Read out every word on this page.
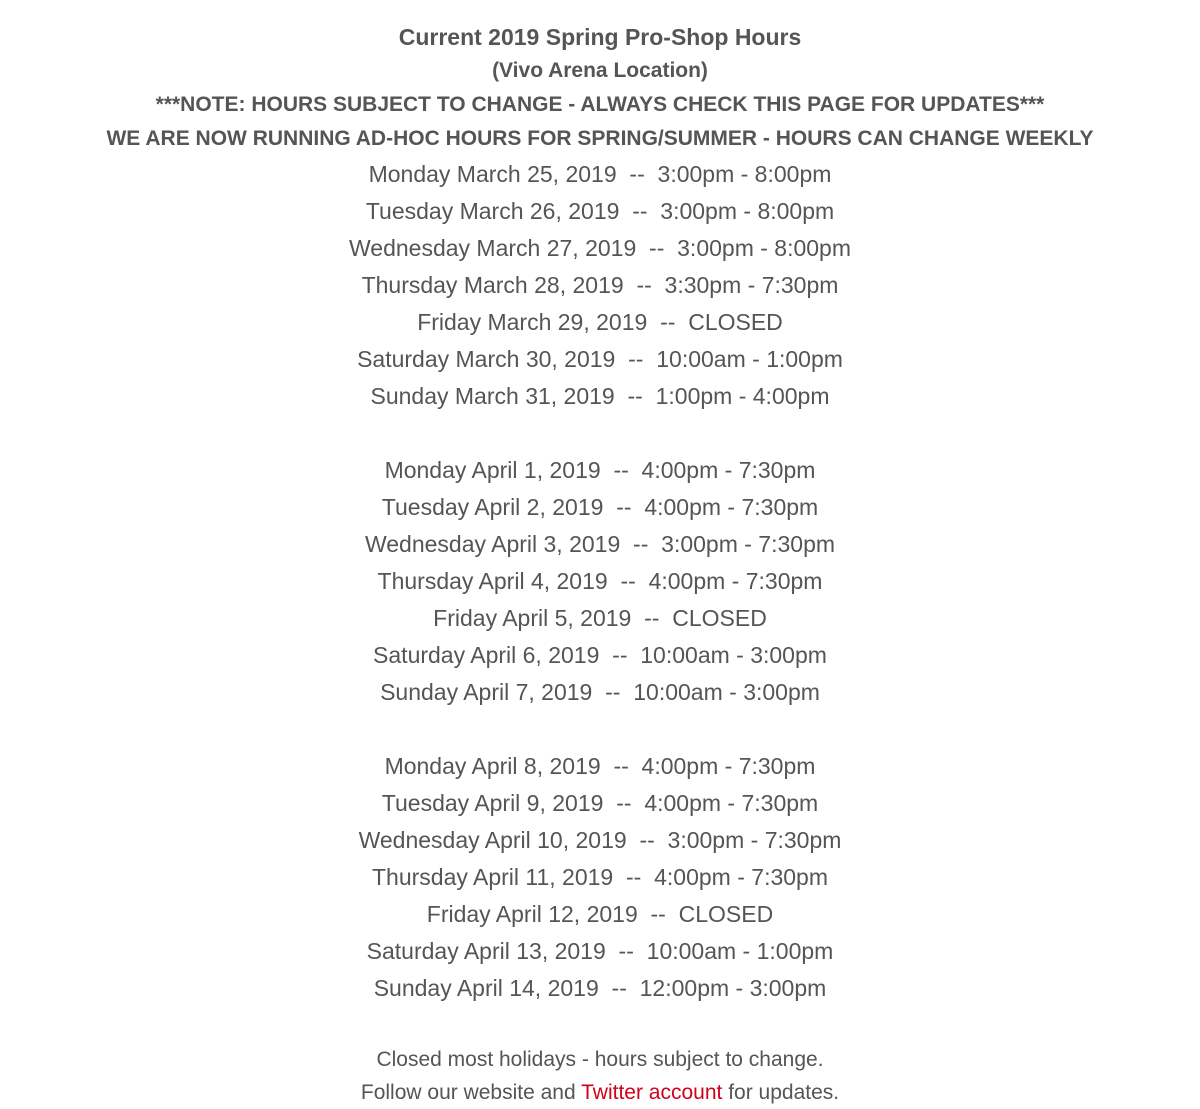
Current 2019 Spring Pro-Shop Hours
(Vivo Arena Location)
***NOTE: HOURS SUBJECT TO CHANGE - ALWAYS CHECK THIS PAGE FOR UPDATES***
WE ARE NOW RUNNING AD-HOC HOURS FOR SPRING/SUMMER - HOURS CAN CHANGE WEEKLY
Monday March 25, 2019 -- 3:00pm - 8:00pm
Tuesday March 26, 2019 -- 3:00pm - 8:00pm
Wednesday March 27, 2019 -- 3:00pm - 8:00pm
Thursday March 28, 2019 -- 3:30pm - 7:30pm
Friday March 29, 2019 -- CLOSED
Saturday March 30, 2019 -- 10:00am - 1:00pm
Sunday March 31, 2019 -- 1:00pm - 4:00pm
Monday April 1, 2019 -- 4:00pm - 7:30pm
Tuesday April 2, 2019 -- 4:00pm - 7:30pm
Wednesday April 3, 2019 -- 3:00pm - 7:30pm
Thursday April 4, 2019 -- 4:00pm - 7:30pm
Friday April 5, 2019 -- CLOSED
Saturday April 6, 2019 -- 10:00am - 3:00pm
Sunday April 7, 2019 -- 10:00am - 3:00pm
Monday April 8, 2019 -- 4:00pm - 7:30pm
Tuesday April 9, 2019 -- 4:00pm - 7:30pm
Wednesday April 10, 2019 -- 3:00pm - 7:30pm
Thursday April 11, 2019 -- 4:00pm - 7:30pm
Friday April 12, 2019 -- CLOSED
Saturday April 13, 2019 -- 10:00am - 1:00pm
Sunday April 14, 2019 -- 12:00pm - 3:00pm
Closed most holidays - hours subject to change.
Follow our website and Twitter account for updates.
